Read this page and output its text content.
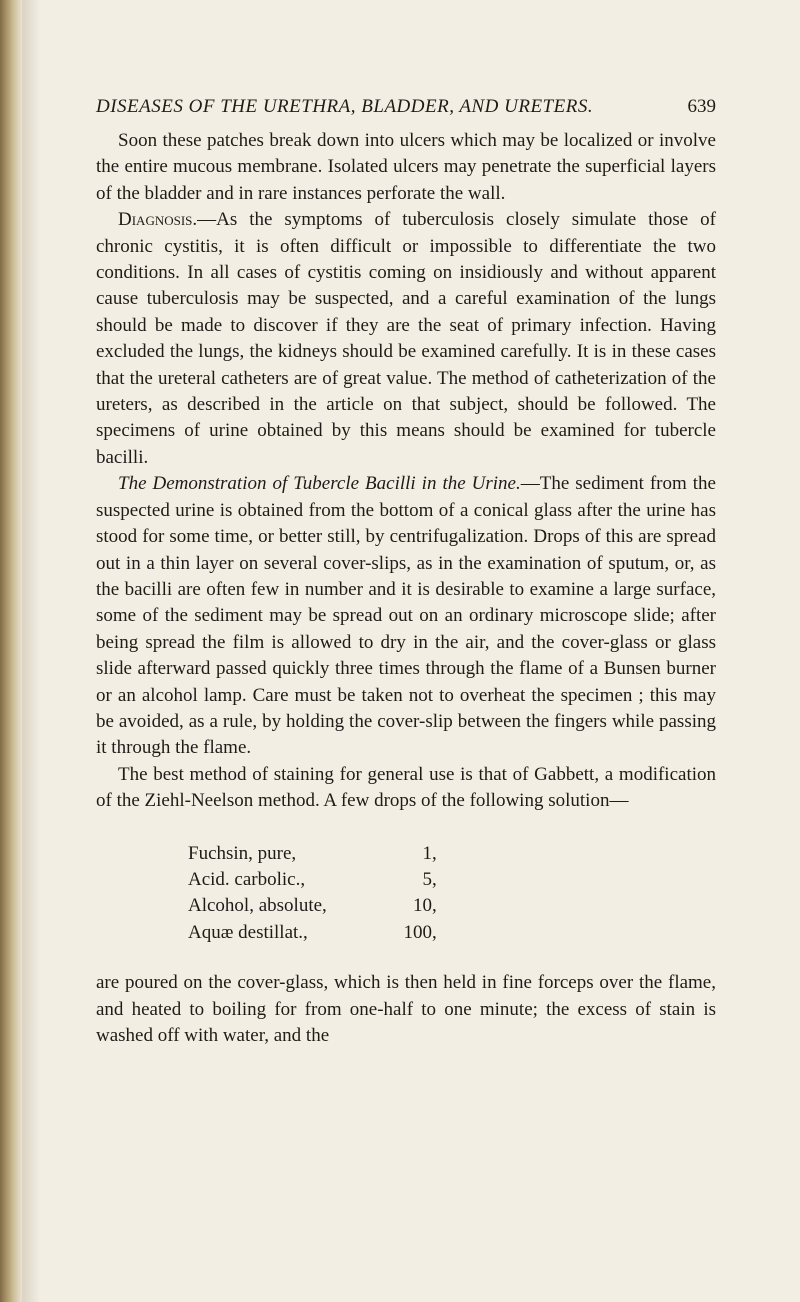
DISEASES OF THE URETHRA, BLADDER, AND URETERS.	639

Soon these patches break down into ulcers which may be localized or involve the entire mucous membrane. Isolated ulcers may penetrate the superficial layers of the bladder and in rare instances perforate the wall.

Diagnosis.—As the symptoms of tuberculosis closely simulate those of chronic cystitis, it is often difficult or impossible to differentiate the two conditions. In all cases of cystitis coming on insidiously and without apparent cause tuberculosis may be suspected, and a careful examination of the lungs should be made to discover if they are the seat of primary infection. Having excluded the lungs, the kidneys should be examined carefully. It is in these cases that the ureteral catheters are of great value. The method of catheterization of the ureters, as described in the article on that subject, should be followed. The specimens of urine obtained by this means should be examined for tubercle bacilli.

The Demonstration of Tubercle Bacilli in the Urine.—The sediment from the suspected urine is obtained from the bottom of a conical glass after the urine has stood for some time, or better still, by centrifugalization. Drops of this are spread out in a thin layer on several cover-slips, as in the examination of sputum, or, as the bacilli are often few in number and it is desirable to examine a large surface, some of the sediment may be spread out on an ordinary microscope slide; after being spread the film is allowed to dry in the air, and the cover-glass or glass slide afterward passed quickly three times through the flame of a Bunsen burner or an alcohol lamp. Care must be taken not to overheat the specimen ; this may be avoided, as a rule, by holding the cover-slip between the fingers while passing it through the flame.

The best method of staining for general use is that of Gabbett, a modification of the Ziehl-Neelson method. A few drops of the following solution—

Fuchsin, pure,	1,
Acid. carbolic.,	5,
Alcohol, absolute,	10,
Aquæ destillat.,	100,

are poured on the cover-glass, which is then held in fine forceps over the flame, and heated to boiling for from one-half to one minute; the excess of stain is washed off with water, and the
